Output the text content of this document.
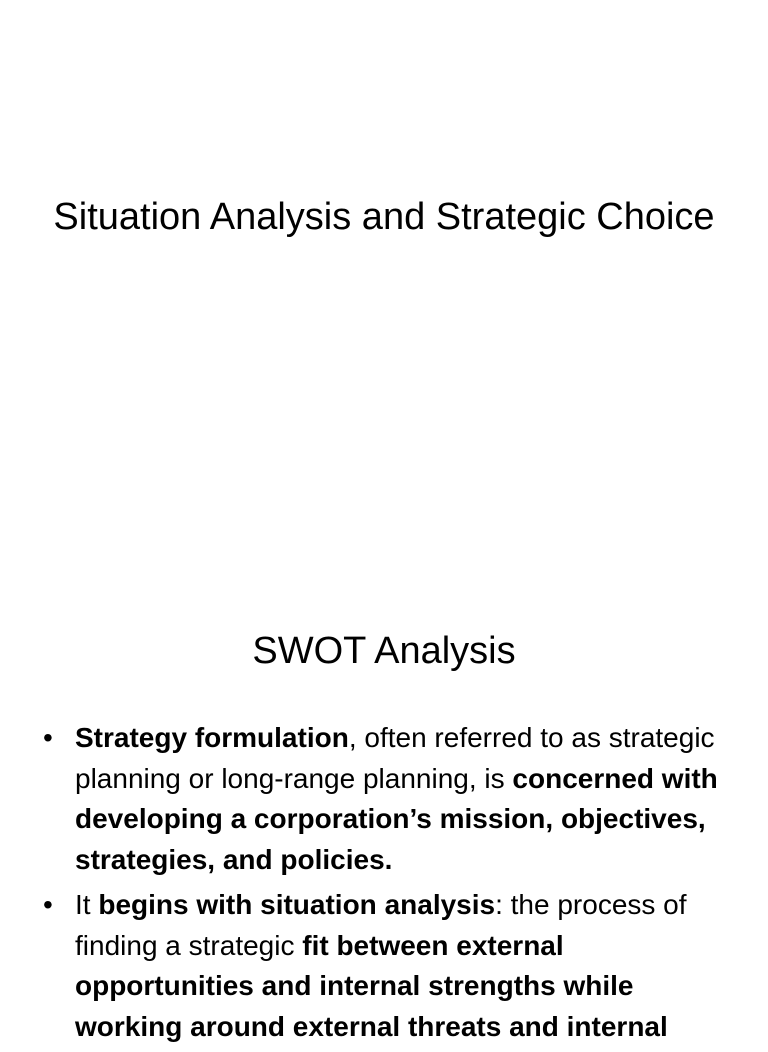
Situation Analysis and Strategic Choice
SWOT Analysis
• Strategy formulation, often referred to as strategic planning or long-range planning, is concerned with developing a corporation’s mission, objectives, strategies, and policies.
• It begins with situation analysis: the process of finding a strategic fit between external opportunities and internal strengths while working around external threats and internal
